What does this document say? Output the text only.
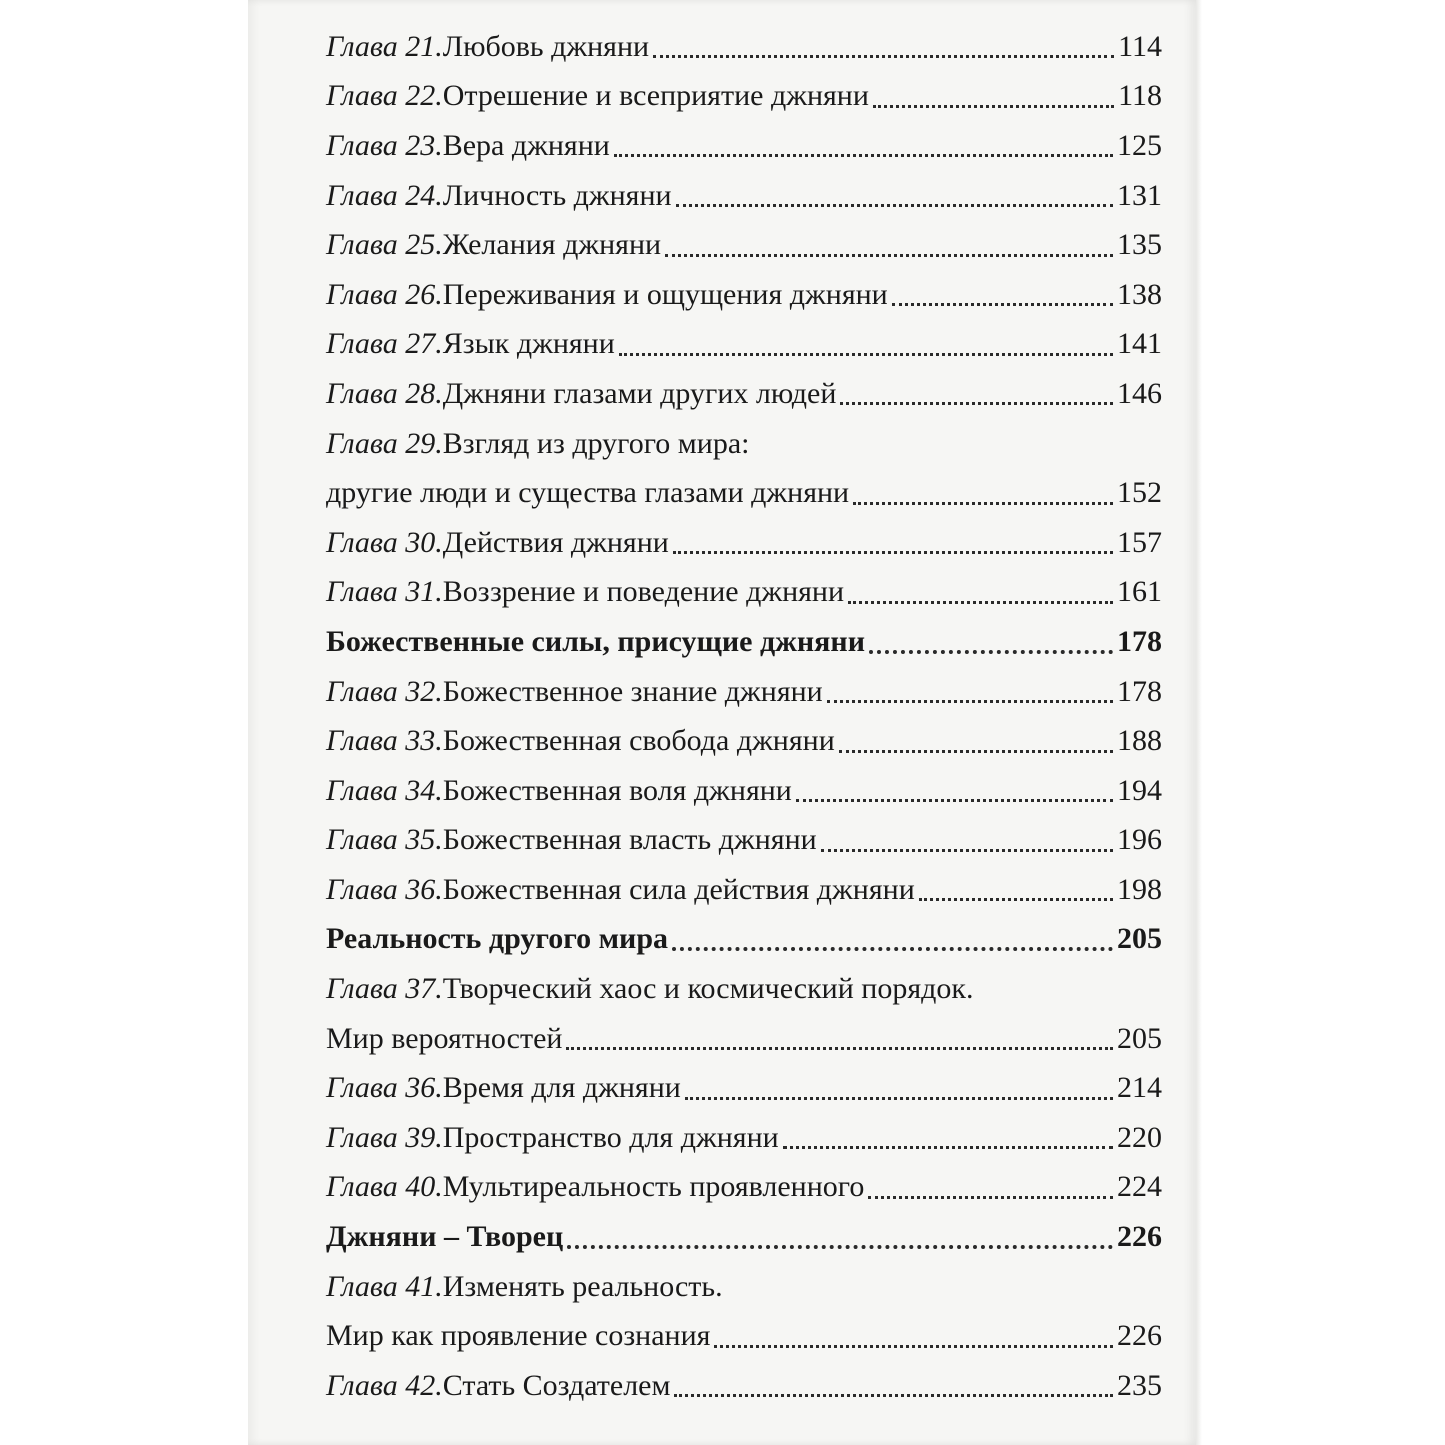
Глава 21. Любовь джняни	114
Глава 22. Отрешение и всеприятие джняни	118
Глава 23. Вера джняни	125
Глава 24. Личность джняни	131
Глава 25. Желания джняни	135
Глава 26. Переживания и ощущения джняни	138
Глава 27. Язык джняни	141
Глава 28. Джняни глазами других людей	146
Глава 29. Взгляд из другого мира:
другие люди и существа глазами джняни	152
Глава 30. Действия джняни	157
Глава 31. Воззрение и поведение джняни	161
Божественные силы, присущие джняни	178
Глава 32. Божественное знание джняни	178
Глава 33. Божественная свобода джняни	188
Глава 34. Божественная воля джняни	194
Глава 35. Божественная власть джняни	196
Глава 36. Божественная сила действия джняни	198
Реальность другого мира	205
Глава 37. Творческий хаос и космический порядок.
Мир вероятностей	205
Глава 36. Время для джняни	214
Глава 39. Пространство для джняни	220
Глава 40. Мультиреальность проявленного	224
Джняни – Творец	226
Глава 41. Изменять реальность.
Мир как проявление сознания	226
Глава 42. Стать Создателем	235
